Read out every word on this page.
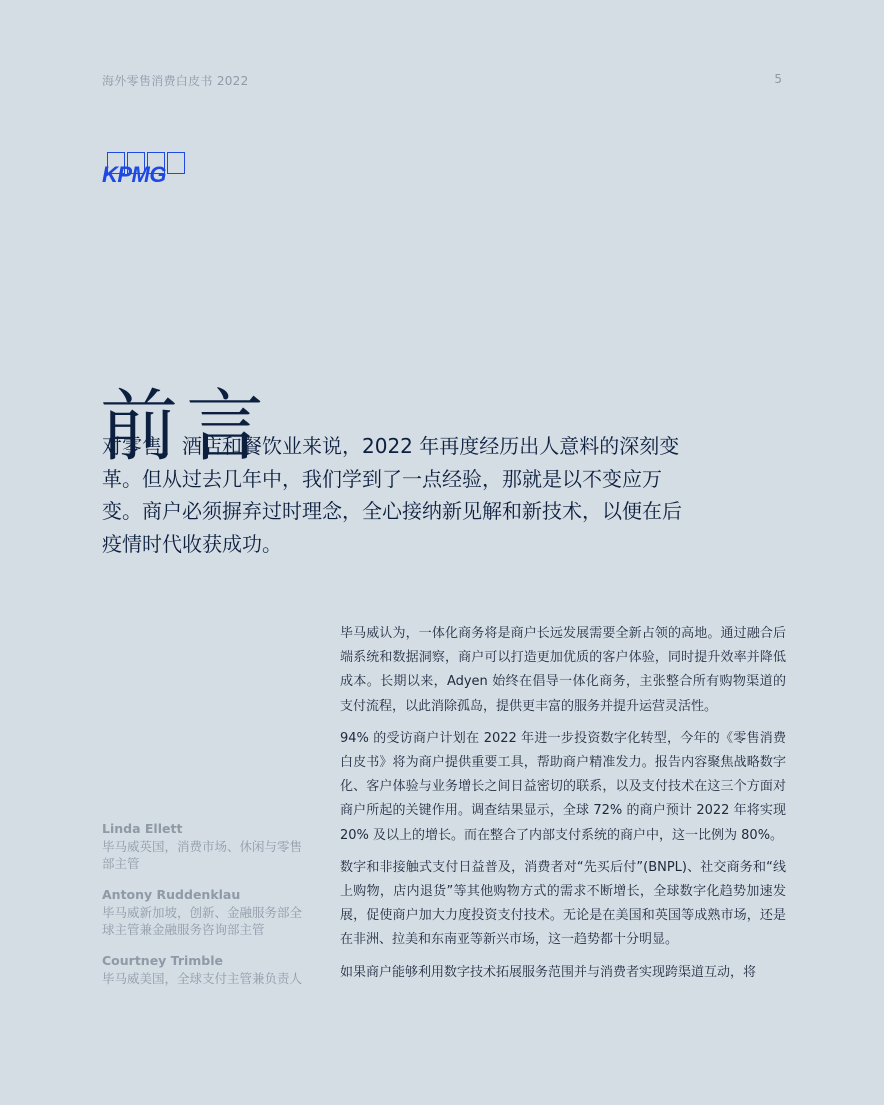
海外零售消费白皮书 2022	5
KPMG
前言
对零售、酒店和餐饮业来说，2022 年再度经历出人意料的深刻变革。但从过去几年中，我们学到了一点经验，那就是以不变应万变。商户必须摒弃过时理念，全心接纳新见解和新技术，以便在后疫情时代收获成功。
Linda Ellett
毕马威英国，消费市场、休闲与零售部主管
Antony Ruddenklau
毕马威新加坡，创新、金融服务部全球主管兼金融服务咨询部主管
Courtney Trimble
毕马威美国，全球支付主管兼负责人

毕马威认为，一体化商务将是商户长远发展需要全新占领的高地。通过融合后端系统和数据洞察，商户可以打造更加优质的客户体验，同时提升效率并降低成本。长期以来，Adyen 始终在倡导一体化商务，主张整合所有购物渠道的支付流程，以此消除孤岛，提供更丰富的服务并提升运营灵活性。

94% 的受访商户计划在 2022 年进一步投资数字化转型，今年的《零售消费白皮书》将为商户提供重要工具，帮助商户精准发力。报告内容聚焦战略数字化、客户体验与业务增长之间日益密切的联系，以及支付技术在这三个方面对商户所起的关键作用。调查结果显示，全球 72% 的商户预计 2022 年将实现 20% 及以上的增长。而在整合了内部支付系统的商户中，这一比例为 80%。

数字和非接触式支付日益普及，消费者对“先买后付”(BNPL)、社交商务和“线上购物，店内退货”等其他购物方式的需求不断增长，全球数字化趋势加速发展，促使商户加大力度投资支付技术。无论是在美国和英国等成熟市场，还是在非洲、拉美和东南亚等新兴市场，这一趋势都十分明显。

如果商户能够利用数字技术拓展服务范围并与消费者实现跨渠道互动，将
